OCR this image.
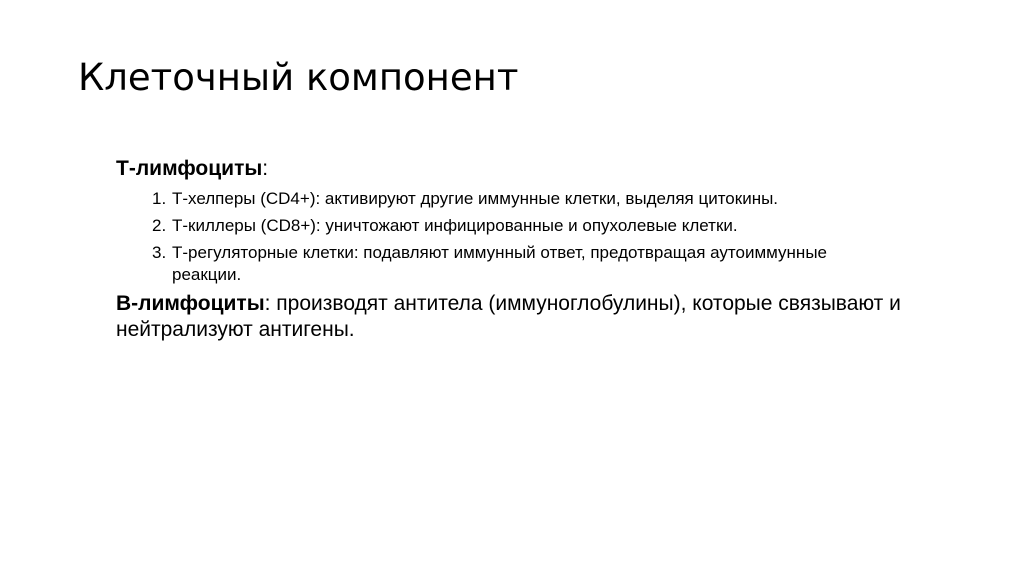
Клеточный компонент

Т-лимфоциты:

1. Т-хелперы (CD4+): активируют другие иммунные клетки, выделяя цитокины.
2. Т-киллеры (CD8+): уничтожают инфицированные и опухолевые клетки.
3. Т-регуляторные клетки: подавляют иммунный ответ, предотвращая аутоиммунные реакции.

В-лимфоциты: производят антитела (иммуноглобулины), которые связывают и нейтрализуют антигены.
